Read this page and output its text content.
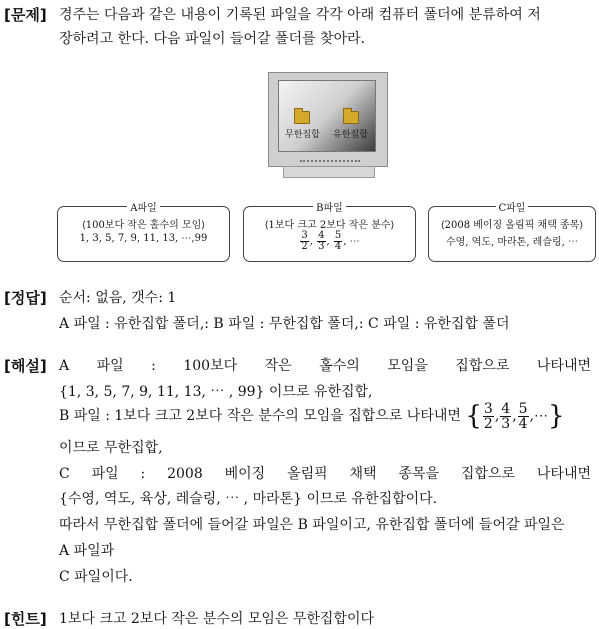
[문제] 경주는 다음과 같은 내용이 기록된 파일을 각각 아래 컴퓨터 폴더에 분류하여 저
장하려고 한다. 다음 파일이 들어갈 폴더를 찾아라.
무한집합 유한집합
A파일
⟨100보다 작은 홀수의 모임⟩
1, 3, 5, 7, 9, 11, 13, ⋯,99
B파일
⟨1보다 크고 2보다 작은 분수⟩
$\frac{3}{2}$ , $\frac{4}{3}$ , $\frac{5}{4}$ , ⋯
C파일
⟨2008 베이징 올림픽 채택 종목⟩
수영, 역도, 마라톤, 레슬링, ⋯
[정답] 순서: 없음, 갯수: 1
A 파일 : 유한집합 폴더,: B 파일 : 무한집합 폴더,: C 파일 : 유한집합 폴더
[해설] A 파일 : 100보다 작은 홀수의 모임을 집합으로 나타내면
{1, 3, 5, 7, 9, 11, 13, ⋯ , 99} 이므로 유한집합,
B 파일 : 1보다 크고 2보다 작은 분수의 모임을 집합으로 나타내면 { $\frac{3}{2}$ , $\frac{4}{3}$ , $\frac{5}{4}$ ,⋯}
이므로 무한집합,
C 파일 : 2008 베이징 올림픽 채택 종목을 집합으로 나타내면
{수영, 역도, 육상, 레슬링, ⋯ , 마라톤} 이므로 유한집합이다.
따라서 무한집합 폴더에 들어갈 파일은 B 파일이고, 유한집합 폴더에 들어갈 파일은
A 파일과
C 파일이다.
[힌트] 1보다 크고 2보다 작은 분수의 모임은 무한집합이다
